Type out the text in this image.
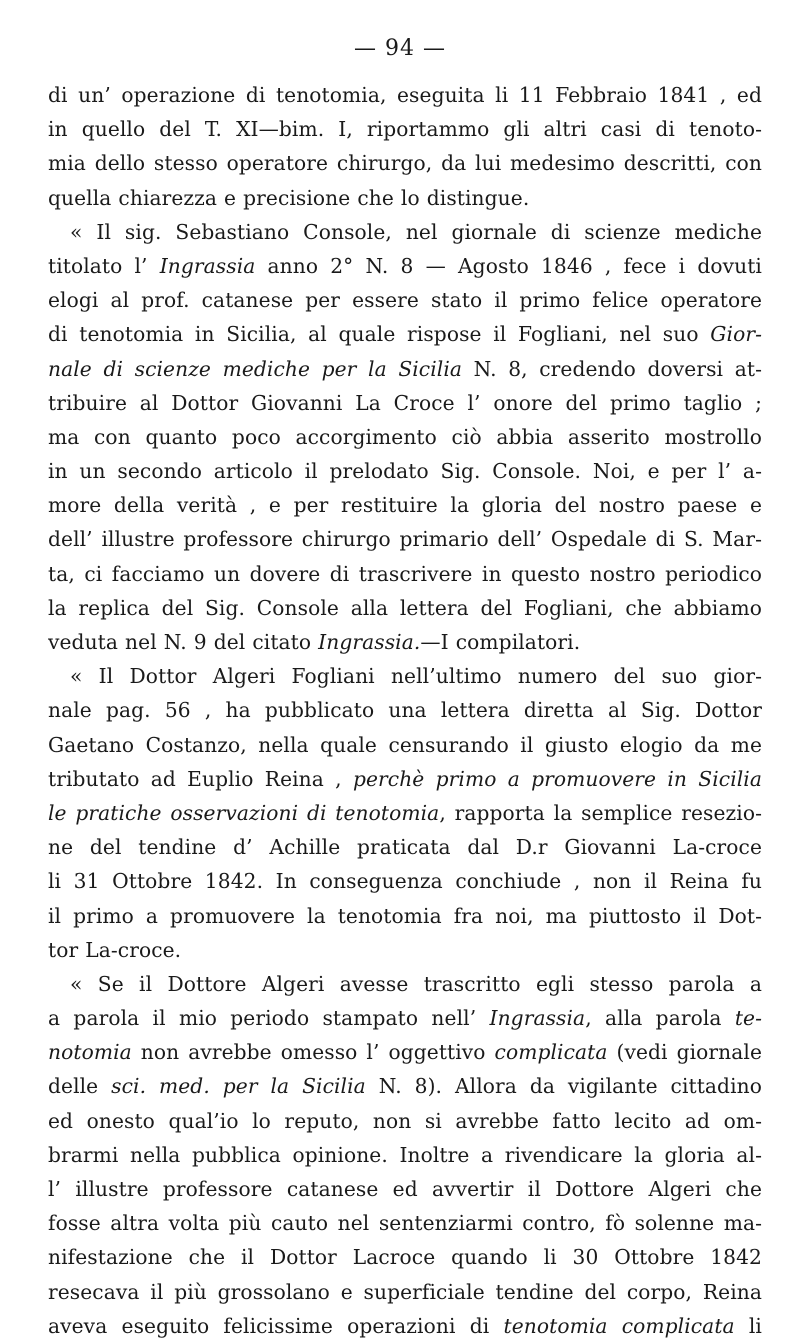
— 94 —
di un’ operazione di tenotomia, eseguita li 11 Febbraio 1841 , ed
in quello del T. XI—bim. I, riportammo gli altri casi di tenoto-
mia dello stesso operatore chirurgo, da lui medesimo descritti, con
quella chiarezza e precisione che lo distingue.
« Il sig. Sebastiano Console, nel giornale di scienze mediche
titolato l’ Ingrassia anno 2° N. 8 — Agosto 1846 , fece i dovuti
elogi al prof. catanese per essere stato il primo felice operatore
di tenotomia in Sicilia, al quale rispose il Fogliani, nel suo Gior-
nale di scienze mediche per la Sicilia N. 8, credendo doversi at-
tribuire al Dottor Giovanni La Croce l’ onore del primo taglio ;
ma con quanto poco accorgimento ciò abbia asserito mostrollo
in un secondo articolo il prelodato Sig. Console. Noi, e per l’ a-
more della verità , e per restituire la gloria del nostro paese e
dell’ illustre professore chirurgo primario dell’ Ospedale di S. Mar-
ta, ci facciamo un dovere di trascrivere in questo nostro periodico
la replica del Sig. Console alla lettera del Fogliani, che abbiamo
veduta nel N. 9 del citato Ingrassia.—I compilatori.
« Il Dottor Algeri Fogliani nell’ultimo numero del suo gior-
nale pag. 56 , ha pubblicato una lettera diretta al Sig. Dottor
Gaetano Costanzo, nella quale censurando il giusto elogio da me
tributato ad Euplio Reina , perchè primo a promuovere in Sicilia
le pratiche osservazioni di tenotomia, rapporta la semplice resezio-
ne del tendine d’ Achille praticata dal D.r Giovanni La-croce
li 31 Ottobre 1842. In conseguenza conchiude , non il Reina fu
il primo a promuovere la tenotomia fra noi, ma piuttosto il Dot-
tor La-croce.
« Se il Dottore Algeri avesse trascritto egli stesso parola a
a parola il mio periodo stampato nell’ Ingrassia, alla parola te-
notomia non avrebbe omesso l’ oggettivo complicata (vedi giornale
delle sci. med. per la Sicilia N. 8). Allora da vigilante cittadino
ed onesto qual’io lo reputo, non si avrebbe fatto lecito ad om-
brarmi nella pubblica opinione. Inoltre a rivendicare la gloria al-
l’ illustre professore catanese ed avvertir il Dottore Algeri che
fosse altra volta più cauto nel sentenziarmi contro, fò solenne ma-
nifestazione che il Dottor Lacroce quando li 30 Ottobre 1842
resecava il più grossolano e superficiale tendine del corpo, Reina
aveva eseguito felicissime operazioni di tenotomia complicata li
